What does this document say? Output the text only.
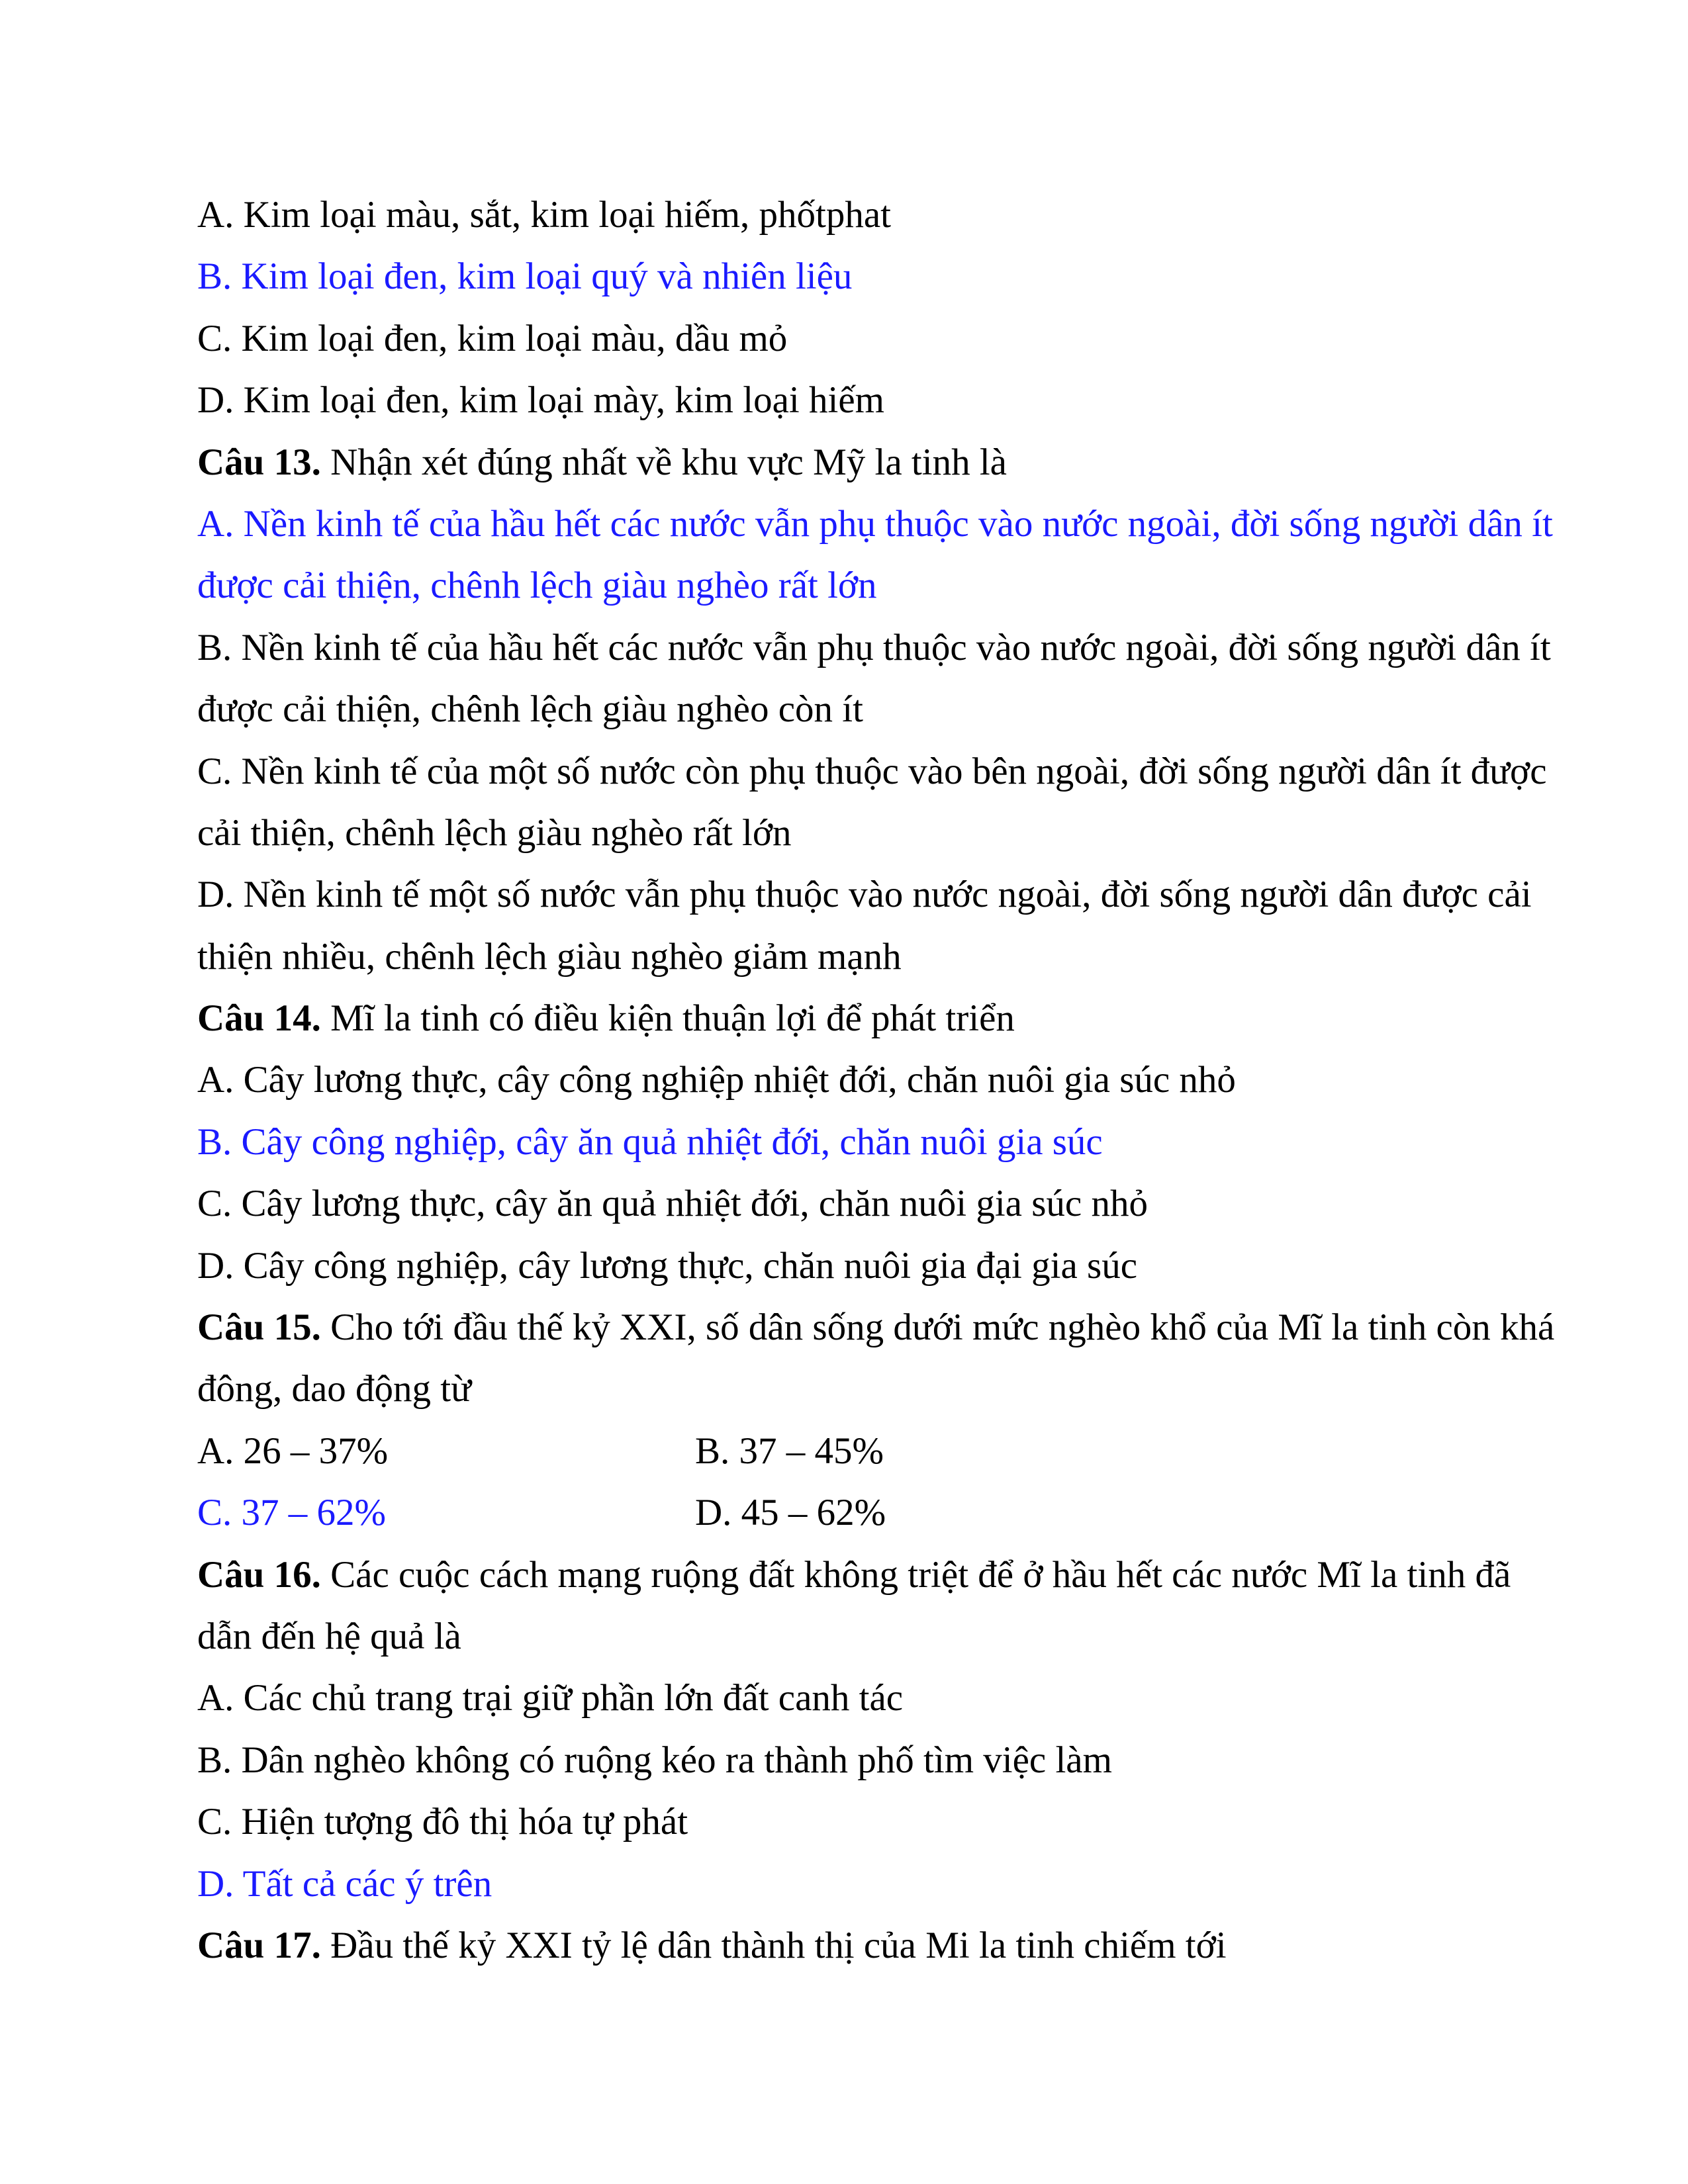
A. Kim loại màu, sắt, kim loại hiếm, phốtphat
B. Kim loại đen, kim loại quý và nhiên liệu
C. Kim loại đen, kim loại màu, dầu mỏ
D. Kim loại đen, kim loại mày, kim loại hiếm
Câu 13. Nhận xét đúng nhất về khu vực Mỹ la tinh là
A. Nền kinh tế của hầu hết các nước vẫn phụ thuộc vào nước ngoài, đời sống người dân ít
được cải thiện, chênh lệch giàu nghèo rất lớn
B. Nền kinh tế của hầu hết các nước vẫn phụ thuộc vào nước ngoài, đời sống người dân ít
được cải thiện, chênh lệch giàu nghèo còn ít
C. Nền kinh tế của một số nước còn phụ thuộc vào bên ngoài, đời sống người dân ít được
cải thiện, chênh lệch giàu nghèo rất lớn
D. Nền kinh tế một số nước vẫn phụ thuộc vào nước ngoài, đời sống người dân được cải
thiện nhiều, chênh lệch giàu nghèo giảm mạnh
Câu 14. Mĩ la tinh có điều kiện thuận lợi để phát triển
A. Cây lương thực, cây công nghiệp nhiệt đới, chăn nuôi gia súc nhỏ
B. Cây công nghiệp, cây ăn quả nhiệt đới, chăn nuôi gia súc
C. Cây lương thực, cây ăn quả nhiệt đới, chăn nuôi gia súc nhỏ
D. Cây công nghiệp, cây lương thực, chăn nuôi gia đại gia súc
Câu 15. Cho tới đầu thế kỷ XXI, số dân sống dưới mức nghèo khổ của Mĩ la tinh còn khá
đông, dao động từ
A. 26 – 37%	B. 37 – 45%
C. 37 – 62%	D. 45 – 62%
Câu 16. Các cuộc cách mạng ruộng đất không triệt để ở hầu hết các nước Mĩ la tinh đã
dẫn đến hệ quả là
A. Các chủ trang trại giữ phần lớn đất canh tác
B. Dân nghèo không có ruộng kéo ra thành phố tìm việc làm
C. Hiện tượng đô thị hóa tự phát
D. Tất cả các ý trên
Câu 17. Đầu thế kỷ XXI tỷ lệ dân thành thị của Mi la tinh chiếm tới
